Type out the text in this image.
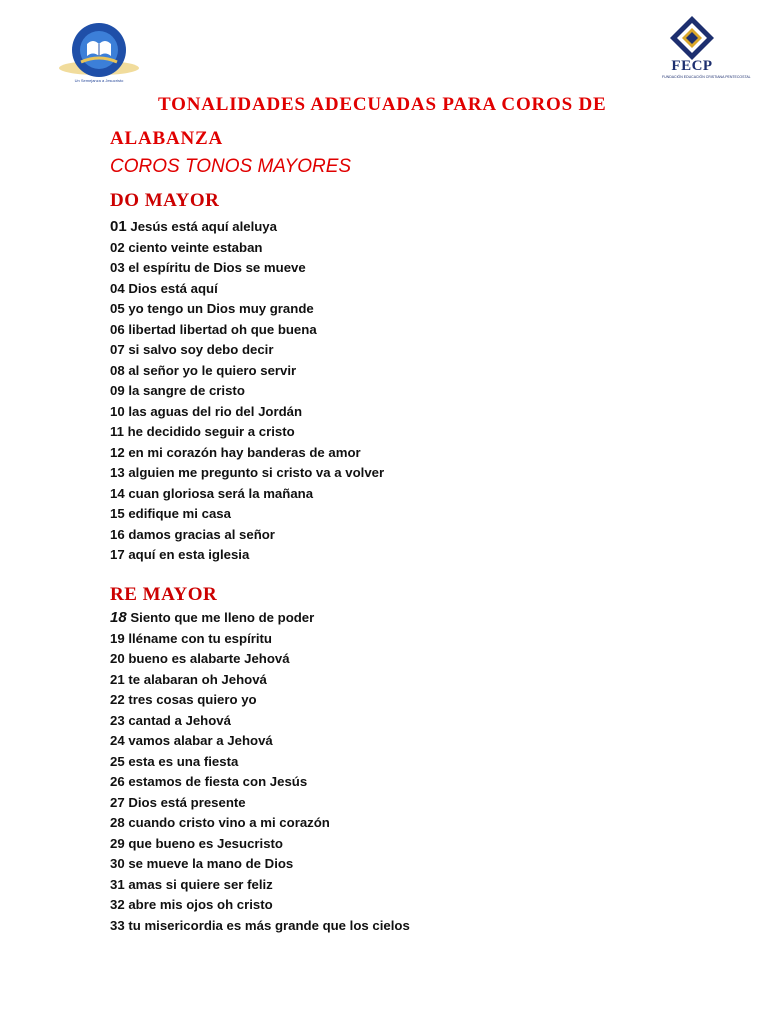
Un Semejanza a Jesucristo
FECP
FUNDACIÓN EDUCACIÓN CRISTIANA PENTECOSTAL
TONALIDADES ADECUADAS PARA COROS DE
ALABANZA
COROS TONOS MAYORES
DO MAYOR
01 Jesús está aquí aleluya
02 ciento veinte estaban
03 el espíritu de Dios se mueve
04 Dios está aquí
05 yo tengo un Dios muy grande
06 libertad libertad oh que buena
07 si salvo soy debo decir
08 al señor yo le quiero servir
09 la sangre de cristo
10 las aguas del rio del Jordán
11 he decidido seguir a cristo
12 en mi corazón hay banderas de amor
13 alguien me pregunto si cristo va a volver
14 cuan gloriosa será la mañana
15 edifique mi casa
16 damos gracias al señor
17 aquí en esta iglesia
RE MAYOR
18 Siento que me lleno de poder
19 lléname con tu espíritu
20 bueno es alabarte Jehová
21 te alabaran oh Jehová
22 tres cosas quiero yo
23 cantad a Jehová
24 vamos alabar a Jehová
25 esta es una fiesta
26 estamos de fiesta con Jesús
27 Dios está presente
28 cuando cristo vino a mi corazón
29 que bueno es Jesucristo
30 se mueve la mano de Dios
31 amas si quiere ser feliz
32 abre mis ojos oh cristo
33 tu misericordia es más grande que los cielos
